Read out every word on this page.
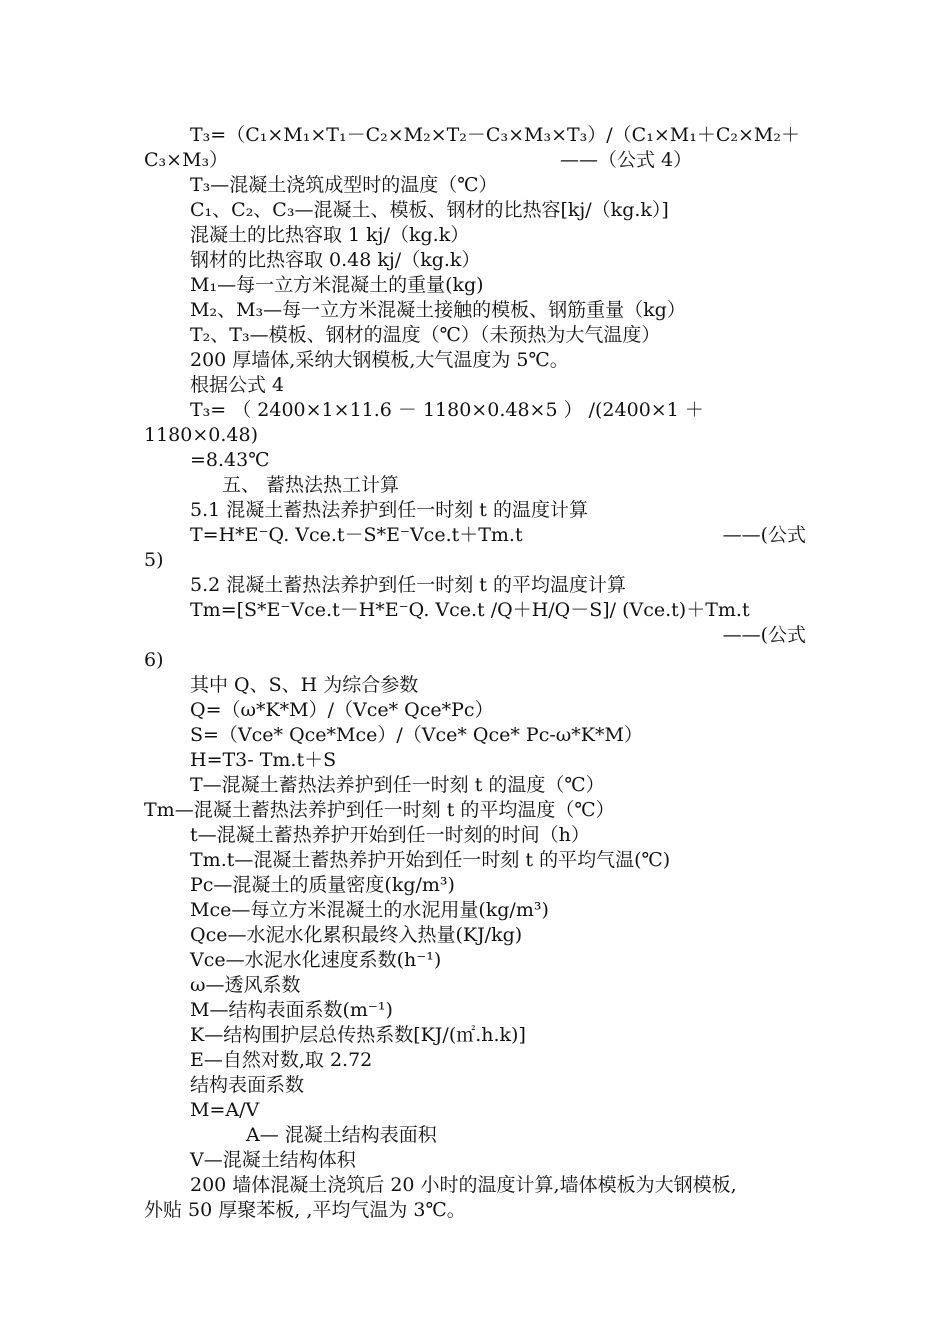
T₃=（C₁×M₁×T₁－C₂×M₂×T₂－C₃×M₃×T₃）/（C₁×M₁＋C₂×M₂＋
C₃×M₃）	——（公式 4）
T₃—混凝土浇筑成型时的温度（℃）
C₁、C₂、C₃—混凝土、模板、钢材的比热容[kj/（kg.k）]
混凝土的比热容取 1 kj/（kg.k）
钢材的比热容取 0.48 kj/（kg.k）
M₁—每一立方米混凝土的重量(kg)
M₂、M₃—每一立方米混凝土接触的模板、钢筋重量（kg）
T₂、T₃—模板、钢材的温度（℃）（未预热为大气温度）
200 厚墙体,采纳大钢模板,大气温度为 5℃。
根据公式 4
T₃= （ 2400×1×11.6 － 1180×0.48×5 ） /(2400×1 ＋
1180×0.48)
=8.43℃
五、 蓄热法热工计算
5.1 混凝土蓄热法养护到任一时刻 t 的温度计算
T=H*E⁻Q. Vce.t－S*E⁻Vce.t＋Tm.t	——(公式
5)
5.2 混凝土蓄热法养护到任一时刻 t 的平均温度计算
Tm=[S*E⁻Vce.t－H*E⁻Q. Vce.t /Q＋H/Q－S]/ (Vce.t)＋Tm.t
——(公式
6)
其中 Q、S、H 为综合参数
Q=（ω*K*M）/（Vce* Qce*Pc）
S=（Vce* Qce*Mce）/（Vce* Qce* Pc-ω*K*M）
H=T3- Tm.t＋S
T—混凝土蓄热法养护到任一时刻 t 的温度（℃）
Tm—混凝土蓄热法养护到任一时刻 t 的平均温度（℃）
t—混凝土蓄热养护开始到任一时刻的时间（h）
Tm.t—混凝土蓄热养护开始到任一时刻 t 的平均气温(℃)
Pc—混凝土的质量密度(kg/m³)
Mce—每立方米混凝土的水泥用量(kg/m³)
Qce—水泥水化累积最终入热量(KJ/kg)
Vce—水泥水化速度系数(h⁻¹)
ω—透风系数
M—结构表面系数(m⁻¹)
K—结构围护层总传热系数[KJ/(㎡.h.k)]
E—自然对数,取 2.72
结构表面系数
M=A/V
A— 混凝土结构表面积
V—混凝土结构体积
200 墙体混凝土浇筑后 20 小时的温度计算,墙体模板为大钢模板,
外贴 50 厚聚苯板, ,平均气温为 3℃。
